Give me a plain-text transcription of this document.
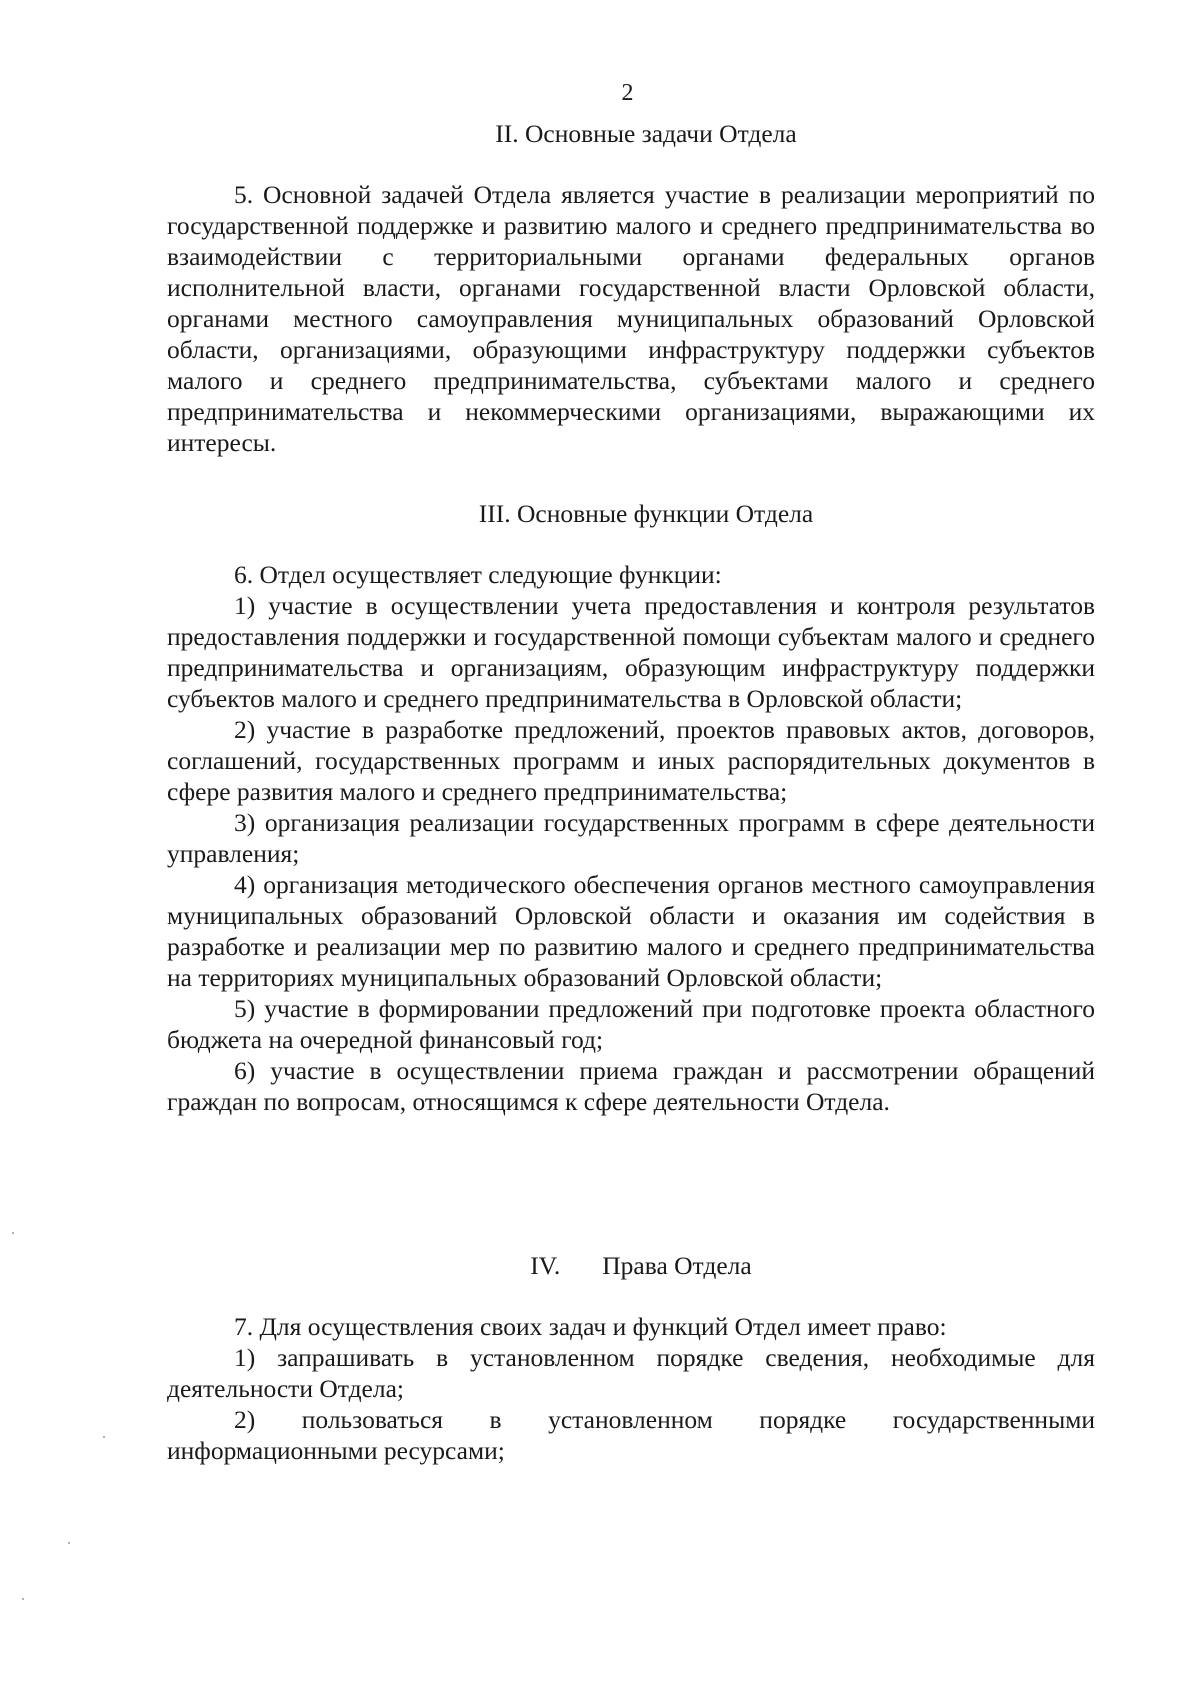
2

II. Основные задачи Отдела

5. Основной задачей Отдела является участие в реализации мероприятий по государственной поддержке и развитию малого и среднего предпринимательства во взаимодействии с территориальными органами федеральных органов исполнительной власти, органами государственной власти Орловской области, органами местного самоуправления муниципальных образований Орловской области, организациями, образующими инфраструктуру поддержки субъектов малого и среднего предпринимательства, субъектами малого и среднего предпринимательства и некоммерческими организациями, выражающими их интересы.

III. Основные функции Отдела

6. Отдел осуществляет следующие функции:

1) участие в осуществлении учета предоставления и контроля результатов предоставления поддержки и государственной помощи субъектам малого и среднего предпринимательства и организациям, образующим инфраструктуру поддержки субъектов малого и среднего предпринимательства в Орловской области;

2) участие в разработке предложений, проектов правовых актов, договоров, соглашений, государственных программ и иных распорядительных документов в сфере развития малого и среднего предпринимательства;

3) организация реализации государственных программ в сфере деятельности управления;

4) организация методического обеспечения органов местного самоуправления муниципальных образований Орловской области и оказания им содействия в разработке и реализации мер по развитию малого и среднего предпринимательства на территориях муниципальных образований Орловской области;

5) участие в формировании предложений при подготовке проекта областного бюджета на очередной финансовый год;

6) участие в осуществлении приема граждан и рассмотрении обращений граждан по вопросам, относящимся к сфере деятельности Отдела.

IV. Права Отдела

7. Для осуществления своих задач и функций Отдел имеет право:

1) запрашивать в установленном порядке сведения, необходимые для деятельности Отдела;

2) пользоваться в установленном порядке государственными информационными ресурсами;
